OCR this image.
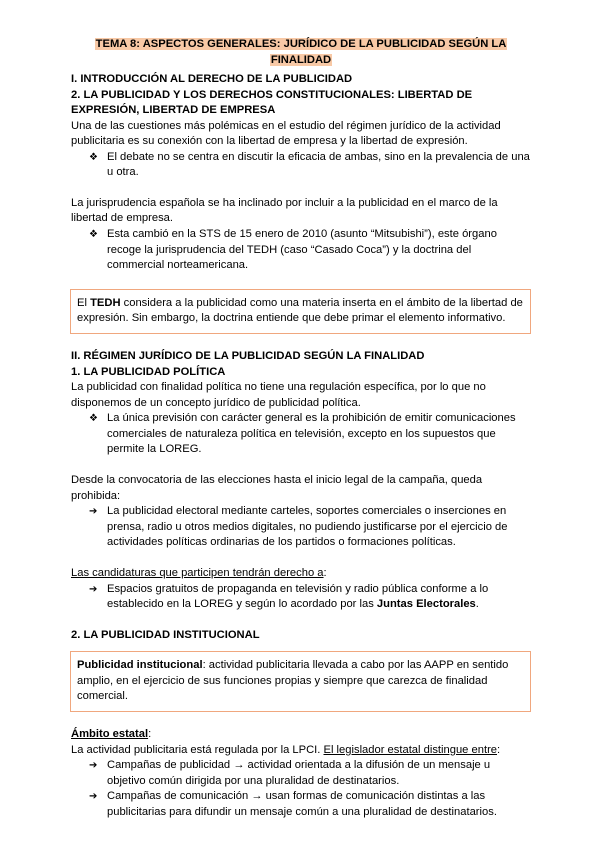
TEMA 8: ASPECTOS GENERALES: JURÍDICO DE LA PUBLICIDAD SEGÚN LA
FINALIDAD
I. INTRODUCCIÓN AL DERECHO DE LA PUBLICIDAD
2. LA PUBLICIDAD Y LOS DERECHOS CONSTITUCIONALES: LIBERTAD DE
EXPRESIÓN, LIBERTAD DE EMPRESA

Una de las cuestiones más polémicas en el estudio del régimen jurídico de la actividad publicitaria es su conexión con la libertad de empresa y la libertad de expresión.

❖ El debate no se centra en discutir la eficacia de ambas, sino en la prevalencia de una u otra.

La jurisprudencia española se ha inclinado por incluir a la publicidad en el marco de la libertad de empresa.

❖ Esta cambió en la STS de 15 enero de 2010 (asunto “Mitsubishi”), este órgano recoge la jurisprudencia del TEDH (caso “Casado Coca”) y la doctrina del commercial norteamericana.
El TEDH considera a la publicidad como una materia inserta en el ámbito de la libertad de expresión. Sin embargo, la doctrina entiende que debe primar el elemento informativo.
II. RÉGIMEN JURÍDICO DE LA PUBLICIDAD SEGÚN LA FINALIDAD
1. LA PUBLICIDAD POLÍTICA

La publicidad con finalidad política no tiene una regulación específica, por lo que no disponemos de un concepto jurídico de publicidad política.

❖ La única previsión con carácter general es la prohibición de emitir comunicaciones comerciales de naturaleza política en televisión, excepto en los supuestos que permite la LOREG.

Desde la convocatoria de las elecciones hasta el inicio legal de la campaña, queda prohibida:

➔ La publicidad electoral mediante carteles, soportes comerciales o inserciones en prensa, radio u otros medios digitales, no pudiendo justificarse por el ejercicio de actividades políticas ordinarias de los partidos o formaciones políticas.

Las candidaturas que participen tendrán derecho a:

➔ Espacios gratuitos de propaganda en televisión y radio pública conforme a lo establecido en la LOREG y según lo acordado por las Juntas Electorales.
2. LA PUBLICIDAD INSTITUCIONAL
Publicidad institucional: actividad publicitaria llevada a cabo por las AAPP en sentido amplio, en el ejercicio de sus funciones propias y siempre que carezca de finalidad comercial.

Ámbito estatal:

La actividad publicitaria está regulada por la LPCI. El legislador estatal distingue entre:

➔ Campañas de publicidad → actividad orientada a la difusión de un mensaje u objetivo común dirigida por una pluralidad de destinatarios.
➔ Campañas de comunicación → usan formas de comunicación distintas a las publicitarias para difundir un mensaje común a una pluralidad de destinatarios.
